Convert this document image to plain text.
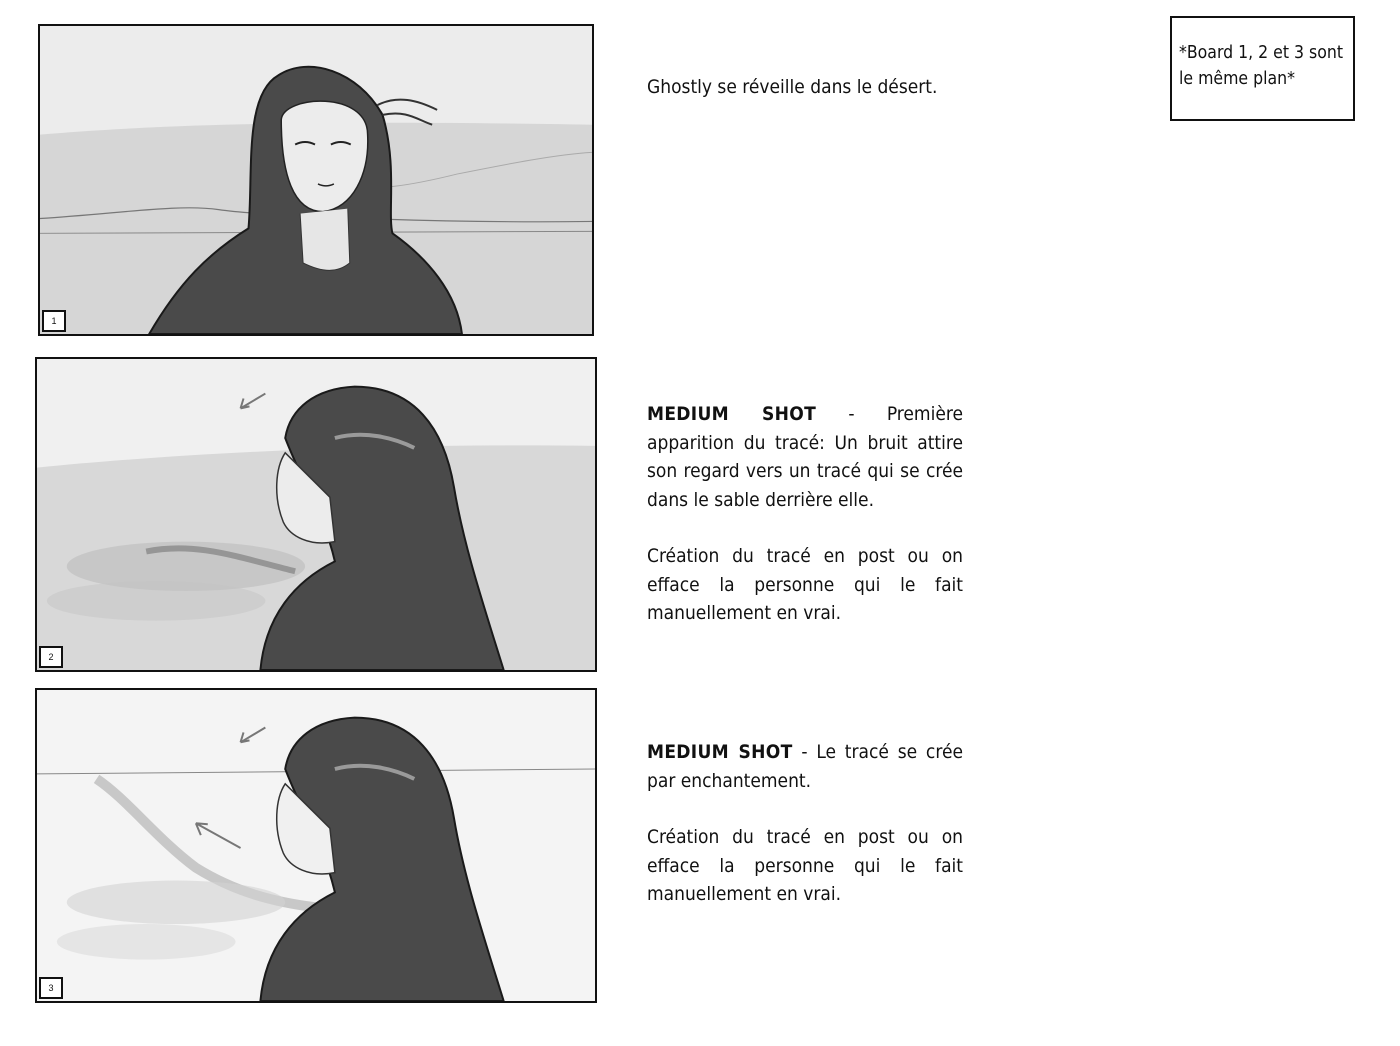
1
2
3

Ghostly se réveille dans le désert.

MEDIUM SHOT - Première apparition du tracé: Un bruit attire son regard vers un tracé qui se crée dans le sable derrière elle.

Création du tracé en post ou on efface la personne qui le fait manuellement en vrai.

MEDIUM SHOT - Le tracé se crée par enchantement.

Création du tracé en post ou on efface la personne qui le fait manuellement en vrai.

*Board 1, 2 et 3 sont le même plan*
